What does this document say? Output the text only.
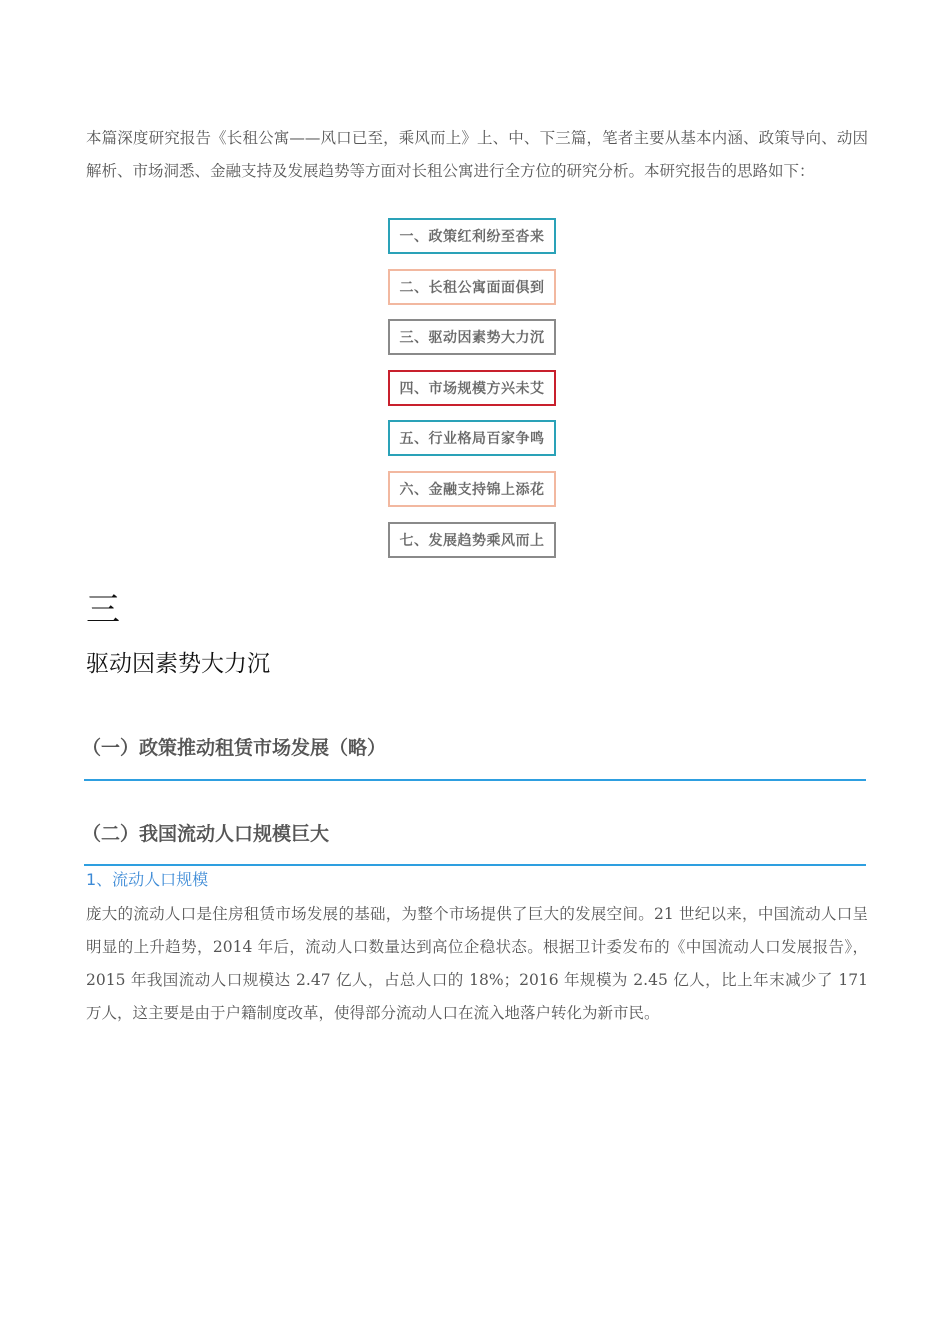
本篇深度研究报告《长租公寓——风口已至，乘风而上》上、中、下三篇，笔者主要从基本内涵、政策导向、动因解析、市场洞悉、金融支持及发展趋势等方面对长租公寓进行全方位的研究分析。本研究报告的思路如下：

一、政策红利纷至沓来
二、长租公寓面面俱到
三、驱动因素势大力沉
四、市场规模方兴未艾
五、行业格局百家争鸣
六、金融支持锦上添花
七、发展趋势乘风而上
三
驱动因素势大力沉
（一）政策推动租赁市场发展（略）
（二）我国流动人口规模巨大
1、流动人口规模

庞大的流动人口是住房租赁市场发展的基础，为整个市场提供了巨大的发展空间。21 世纪以来，中国流动人口呈明显的上升趋势，2014 年后，流动人口数量达到高位企稳状态。根据卫计委发布的《中国流动人口发展报告》，2015 年我国流动人口规模达 2.47 亿人，占总人口的 18%；2016 年规模为 2.45 亿人，比上年末减少了 171 万人，这主要是由于户籍制度改革，使得部分流动人口在流入地落户转化为新市民。
